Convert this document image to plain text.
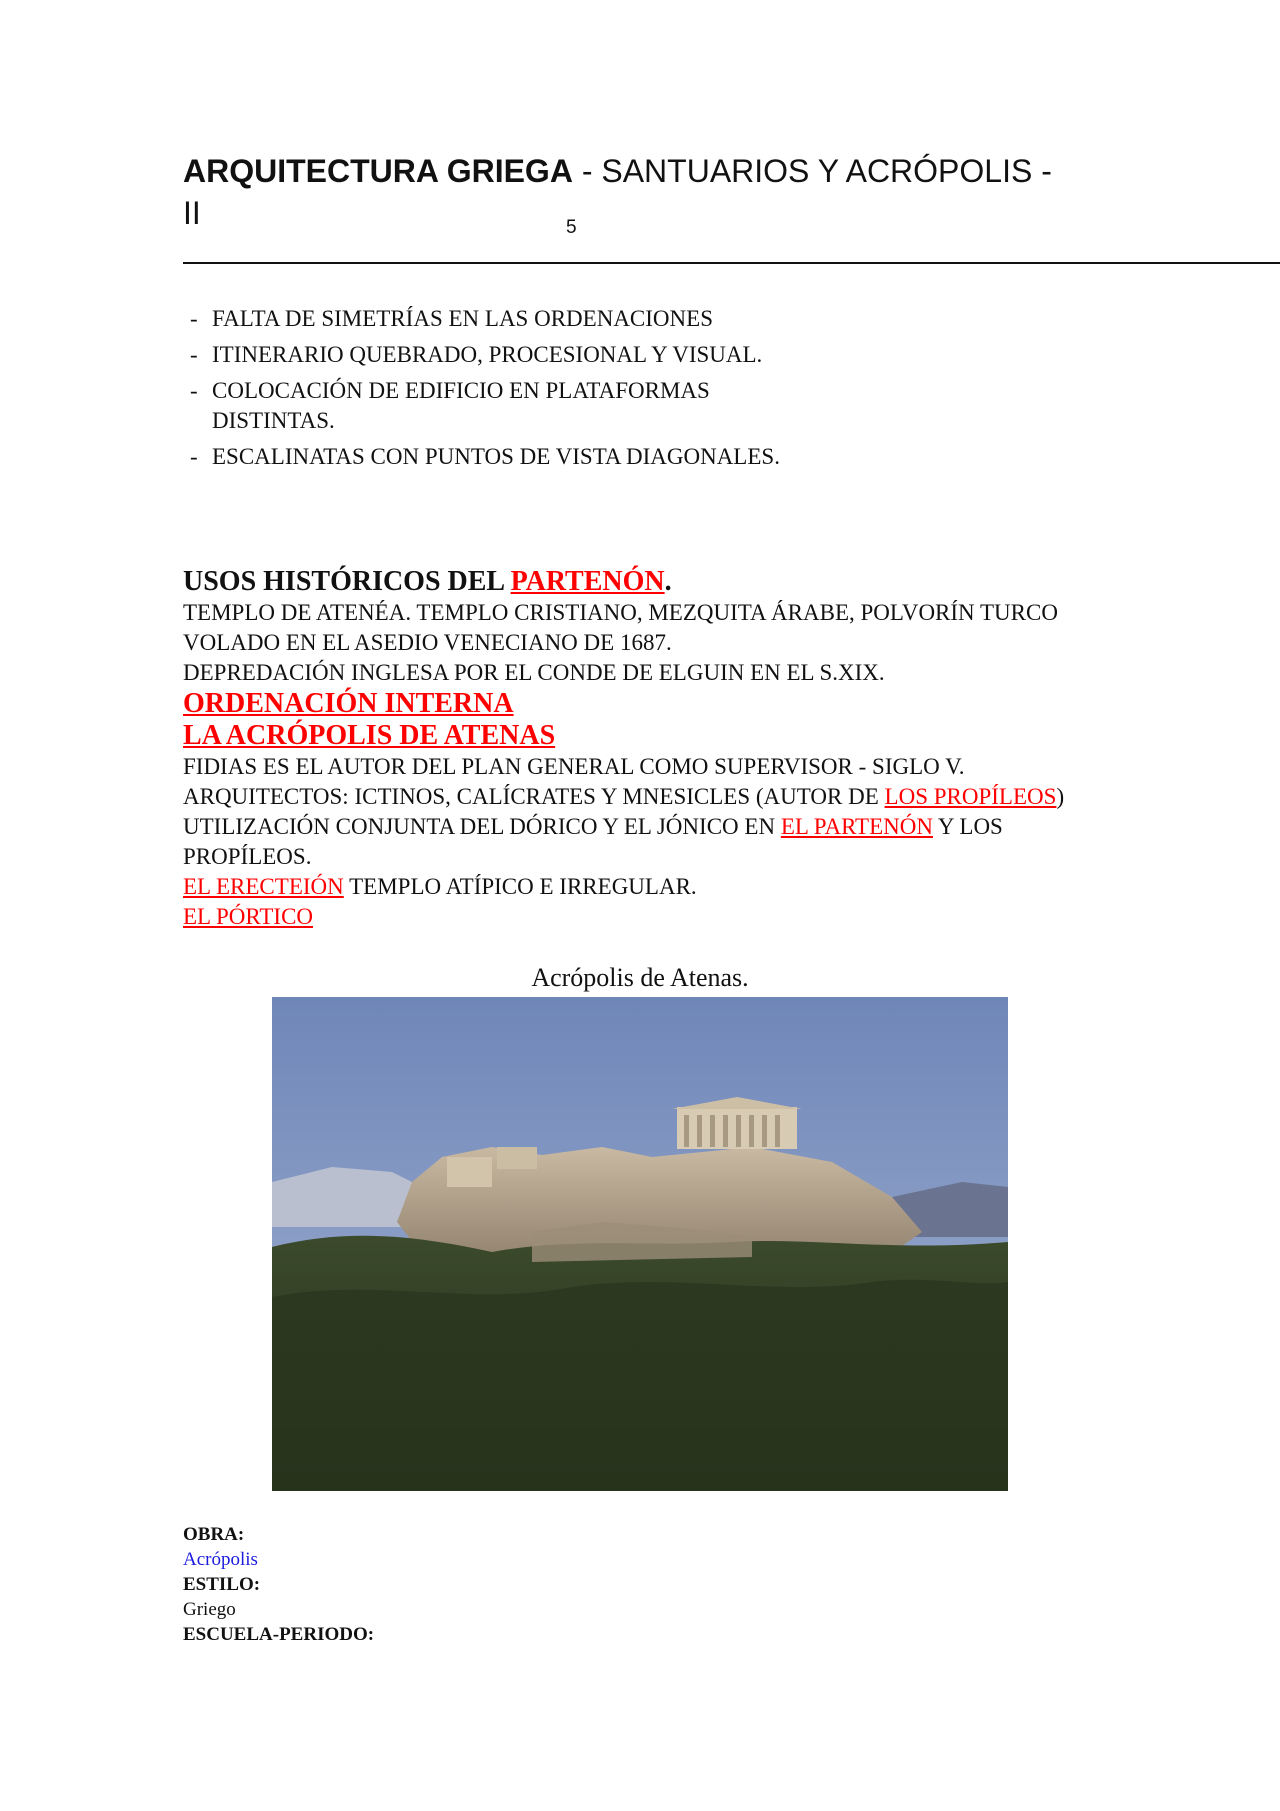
ARQUITECTURA GRIEGA - SANTUARIOS Y ACRÓPOLIS -
II	5
- FALTA DE SIMETRÍAS EN LAS ORDENACIONES
- ITINERARIO QUEBRADO, PROCESIONAL Y VISUAL.
- COLOCACIÓN DE EDIFICIO EN PLATAFORMAS DISTINTAS.
- ESCALINATAS CON PUNTOS DE VISTA DIAGONALES.
USOS HISTÓRICOS DEL PARTENÓN.
TEMPLO DE ATENÉA. TEMPLO CRISTIANO, MEZQUITA ÁRABE, POLVORÍN TURCO VOLADO EN EL ASEDIO VENECIANO DE 1687.
DEPREDACIÓN INGLESA POR EL CONDE DE ELGUIN EN EL S.XIX.
ORDENACIÓN INTERNA
LA ACRÓPOLIS DE ATENAS
FIDIAS ES EL AUTOR DEL PLAN GENERAL COMO SUPERVISOR - SIGLO V.
ARQUITECTOS: ICTINOS, CALÍCRATES Y MNESICLES (AUTOR DE LOS PROPÍLEOS)
UTILIZACIÓN CONJUNTA DEL DÓRICO Y EL JÓNICO EN EL PARTENÓN Y LOS PROPÍLEOS.
EL ERECTEIÓN TEMPLO ATÍPICO E IRREGULAR.
EL PÓRTICO
Acrópolis de Atenas.
OBRA:
Acrópolis
ESTILO:
Griego
ESCUELA-PERIODO:
